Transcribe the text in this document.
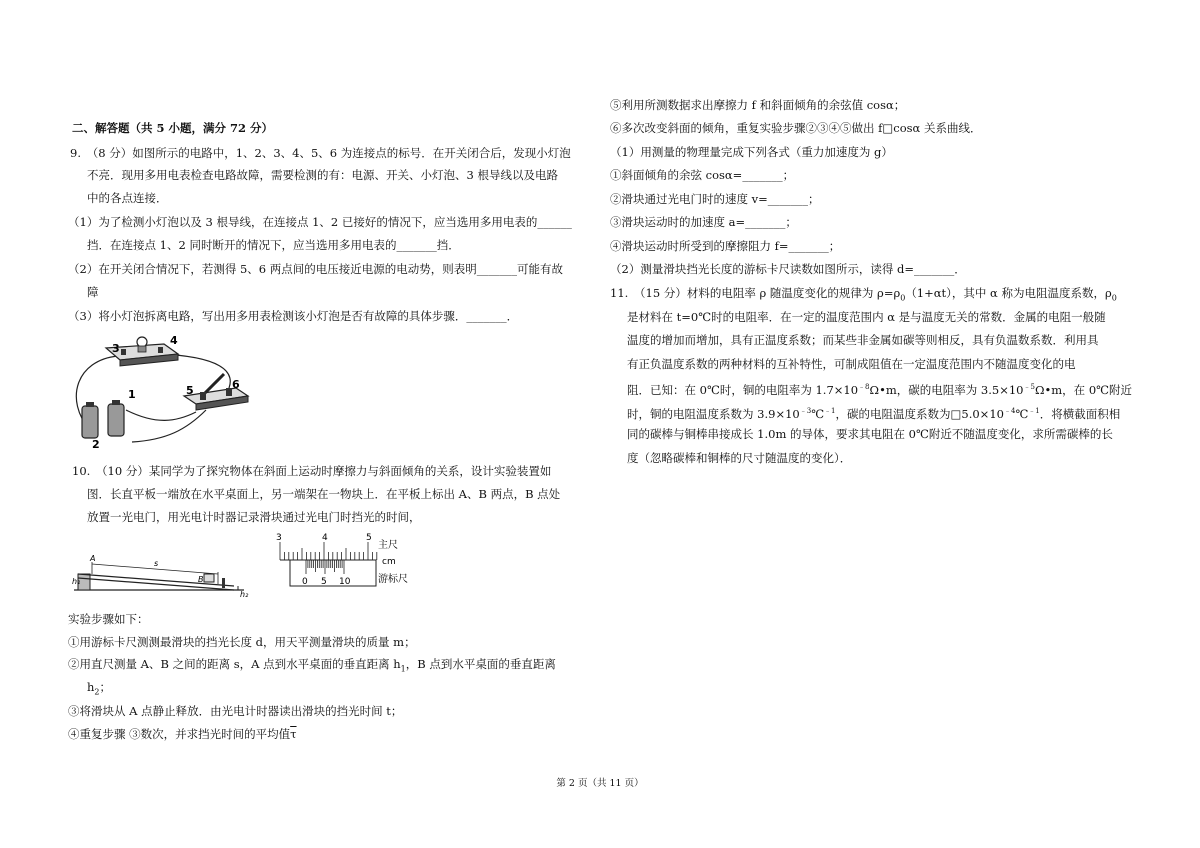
二、解答题（共 5 小题，满分 72 分）
9.　（8 分）如图所示的电路中，1、2、3、4、5、6 为连接点的标号．在开关闭合后，发现小灯泡
不亮．现用多用电表检查电路故障，需要检测的有：电源、开关、小灯泡、3 根导线以及电路
中的各点连接．
（1）为了检测小灯泡以及 3 根导线，在连接点 1、2 已接好的情况下，应当选用多用电表的______
挡．在连接点 1、2 同时断开的情况下，应当选用多用电表的_______挡．
（2）在开关闭合情况下，若测得 5、6 两点间的电压接近电源的电动势，则表明_______可能有故
障
（3）将小灯泡拆离电路，写出用多用表检测该小灯泡是否有故障的具体步骤．_______．
3
4
5	6
1
2
10.　（10 分）某同学为了探究物体在斜面上运动时摩擦力与斜面倾角的关系，设计实验装置如
图．长直平板一端放在水平桌面上，另一端架在一物块上．在平板上标出 A、B 两点，B 点处
放置一光电门，用光电计时器记录滑块通过光电门时挡光的时间，
A
s
B
h₁
h₂
3	4	5
0 5 10
主尺
cm
游标尺
实验步骤如下：
①用游标卡尺测测最滑块的挡光长度 d，用天平测量滑块的质量 m；
②用直尺测量 A、B 之间的距离 s，A 点到水平桌面的垂直距离 $h_1$，B 点到水平桌面的垂直距离
$h_2$；
③将滑块从 A 点静止释放．由光电计时器读出滑块的挡光时间 t；
④重复步骤 ③数次，并求挡光时间的平均值$\overline{\tau}$
⑤利用所测数据求出摩擦力 f 和斜面倾角的余弦值 cosα；
⑥多次改变斜面的倾角，重复实验步骤②③④⑤做出 f□cosα 关系曲线．
（1）用测量的物理量完成下列各式（重力加速度为 g）
①斜面倾角的余弦 cosα=_______；
②滑块通过光电门时的速度 v=_______；
③滑块运动时的加速度 a=_______；
④滑块运动时所受到的摩擦阻力 f=_______；
（2）测量滑块挡光长度的游标卡尺读数如图所示，读得 d=_______．
11.　（15 分）材料的电阻率 ρ 随温度变化的规律为 $\rho=\rho_0(1+\alpha t)$，其中 α 称为电阻温度系数，$\rho_0$
是材料在 t=0℃时的电阻率．在一定的温度范围内 α 是与温度无关的常数．金属的电阻一般随
温度的增加而增加，具有正温度系数；而某些非金属如碳等则相反，具有负温数系数．利用具
有正负温度系数的两种材料的互补特性，可制成阻值在一定温度范围内不随温度变化的电
阻．已知：在 0℃时，铜的电阻率为 $1.7\times 10^{﹣8}\Omega•m$，碳的电阻率为 $3.5\times 10^{﹣5}\Omega•m$，在 0℃附近
时，铜的电阻温度系数为 $3.9\times 10^{﹣3}℃^{﹣1}$，碳的电阻温度系数为$□5.0\times 10^{﹣4}℃^{﹣1}$．将横截面积相
同的碳棒与铜棒串接成长 1.0m 的导体，要求其电阻在 0℃附近不随温度变化，求所需碳棒的长
度（忽略碳棒和铜棒的尺寸随温度的变化）．
第 2 页（共 11 页）
